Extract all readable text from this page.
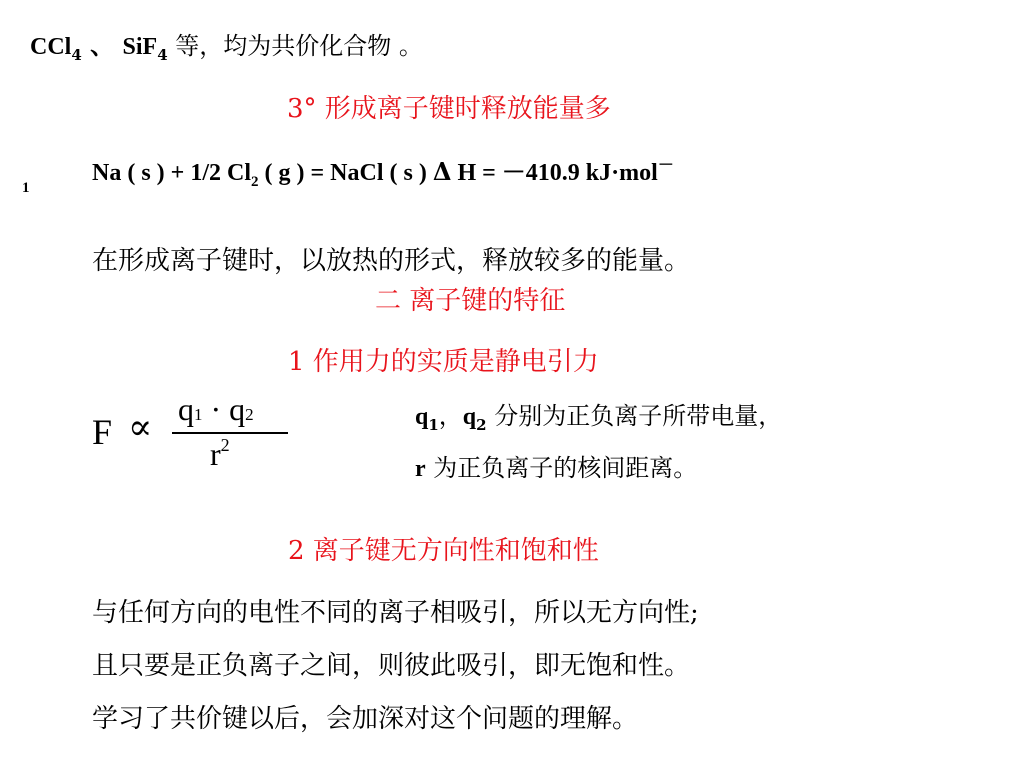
CCl$_4$ 、 SiF$_4$ 等，均为共价化合物 。
3° 形成离子键时释放能量多
Na ( s ) + 1/2 $Cl_2$ ( g ) = NaCl ( s ) Δ H = －410.9 kJ·mol－
1
在形成离子键时，以放热的形式，释放较多的能量。
二 离子键的特征
1 作用力的实质是静电引力
F ∝ q1 · q2
$r^2$
$q_1$，$q_2$ 分别为正负离子所带电量，
r 为正负离子的核间距离。
2 离子键无方向性和饱和性
与任何方向的电性不同的离子相吸引，所以无方向性;
且只要是正负离子之间，则彼此吸引，即无饱和性。
学习了共价键以后，会加深对这个问题的理解。
